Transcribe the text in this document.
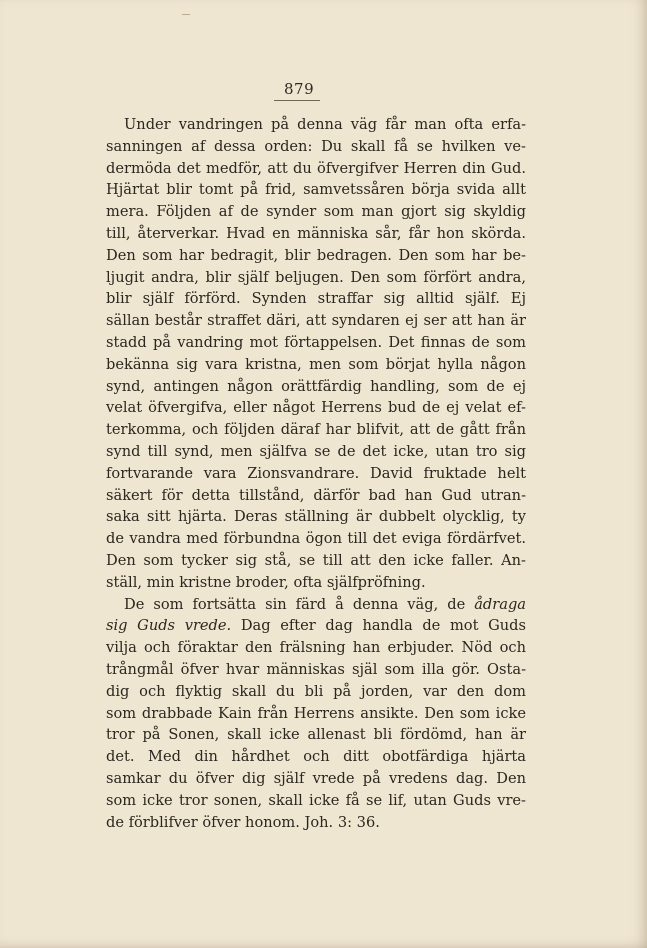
879
Under vandringen på denna väg får man ofta erfa-
sanningen af dessa orden: Du skall få se hvilken ve-
dermöda det medför, att du öfvergifver Herren din Gud.
Hjärtat blir tomt på frid, samvetssåren börja svida allt
mera. Följden af de synder som man gjort sig skyldig
till, återverkar. Hvad en människa sår, får hon skörda.
Den som har bedragit, blir bedragen. Den som har be-
ljugit andra, blir själf beljugen. Den som förfört andra,
blir själf förförd. Synden straffar sig alltid själf. Ej
sällan består straffet däri, att syndaren ej ser att han är
stadd på vandring mot förtappelsen. Det finnas de som
bekänna sig vara kristna, men som börjat hylla någon
synd, antingen någon orättfärdig handling, som de ej
velat öfvergifva, eller något Herrens bud de ej velat ef-
terkomma, och följden däraf har blifvit, att de gått från
synd till synd, men själfva se de det icke, utan tro sig
fortvarande vara Zionsvandrare. David fruktade helt
säkert för detta tillstånd, därför bad han Gud utran-
saka sitt hjärta. Deras ställning är dubbelt olycklig, ty
de vandra med förbundna ögon till det eviga fördärfvet.
Den som tycker sig stå, se till att den icke faller. An-
ställ, min kristne broder, ofta själfpröfning.
De som fortsätta sin färd å denna väg, de ådraga
sig Guds vrede. Dag efter dag handla de mot Guds
vilja och föraktar den frälsning han erbjuder. Nöd och
trångmål öfver hvar människas själ som illa gör. Osta-
dig och flyktig skall du bli på jorden, var den dom
som drabbade Kain från Herrens ansikte. Den som icke
tror på Sonen, skall icke allenast bli fördömd, han är
det. Med din hårdhet och ditt obotfärdiga hjärta
samkar du öfver dig själf vrede på vredens dag. Den
som icke tror sonen, skall icke få se lif, utan Guds vre-
de förblifver öfver honom. Joh. 3: 36.
